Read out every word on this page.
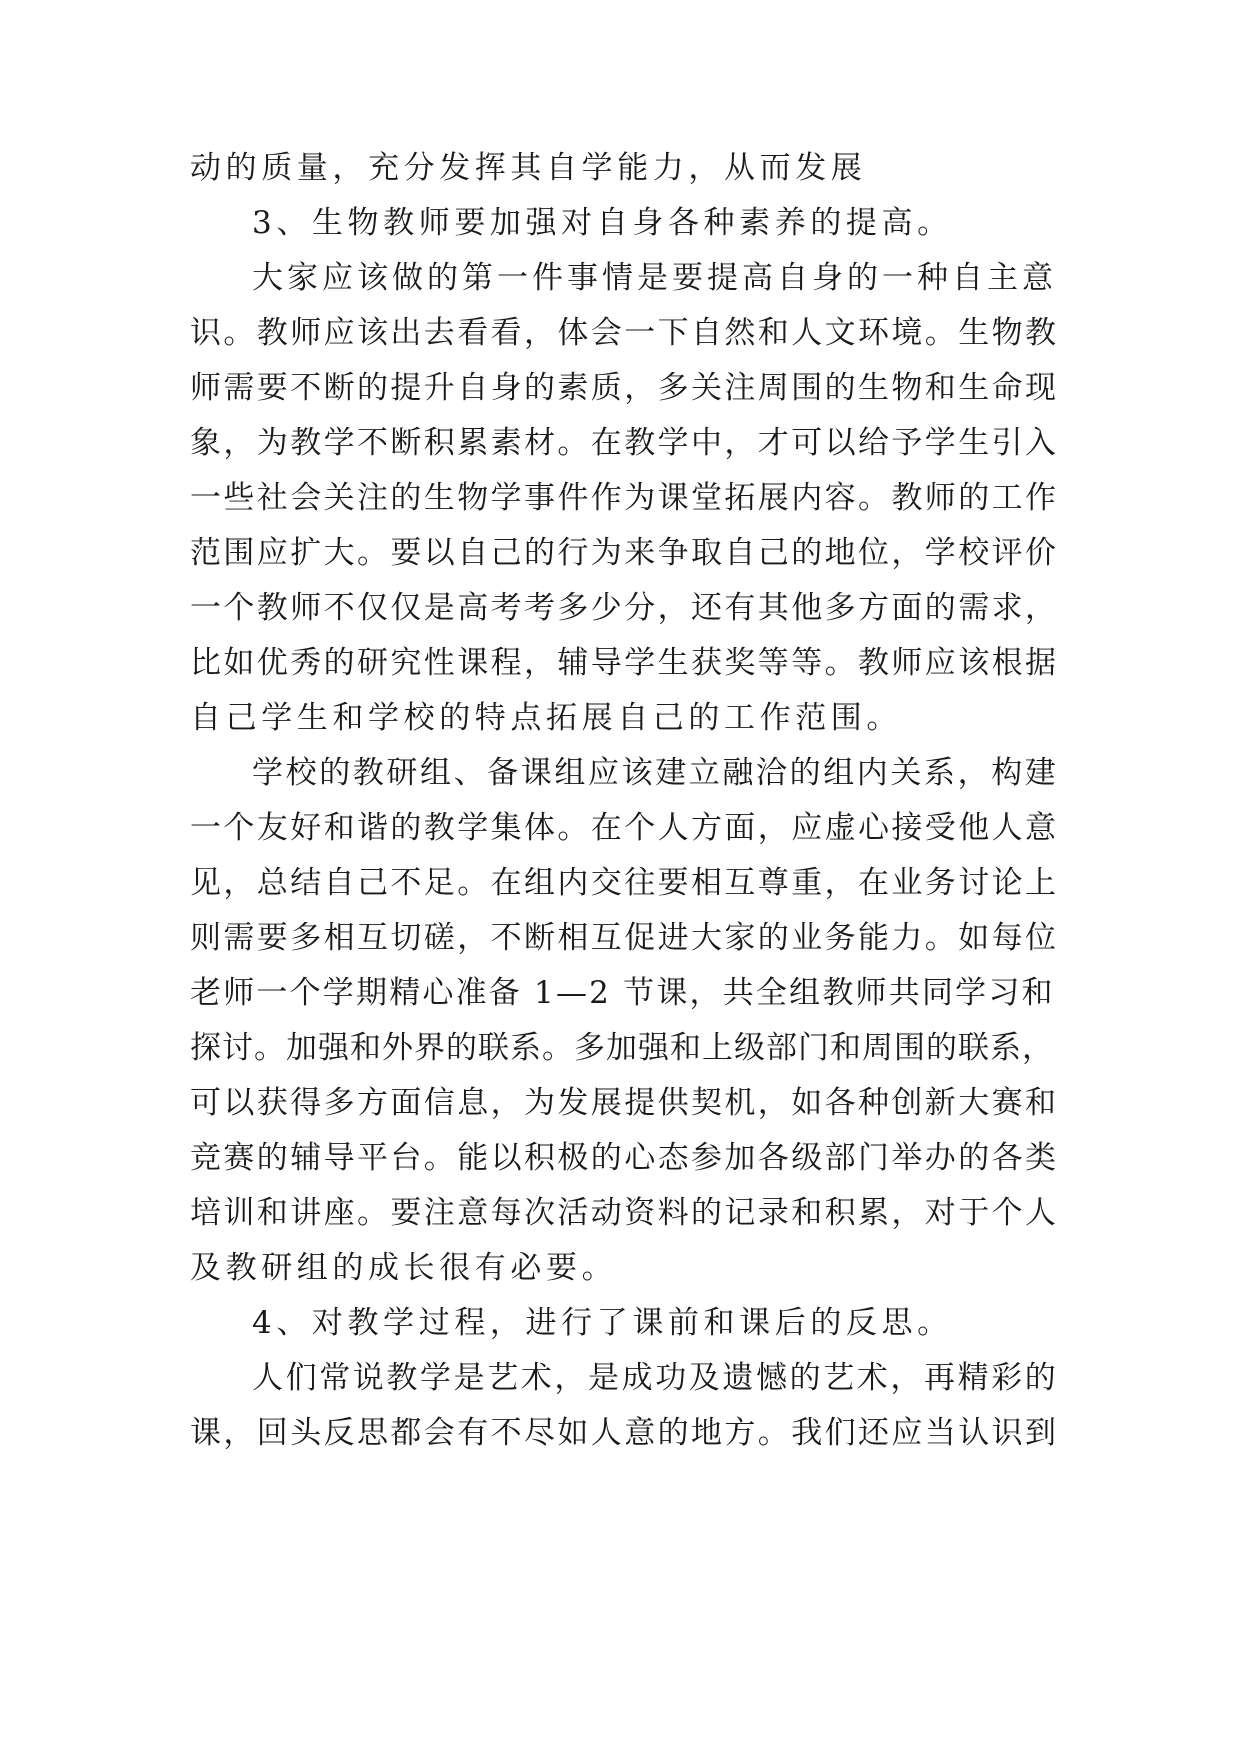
动的质量，充分发挥其自学能力，从而发展

3、生物教师要加强对自身各种素养的提高。

大家应该做的第一件事情是要提高自身的一种自主意

识。教师应该出去看看，体会一下自然和人文环境。生物教

师需要不断的提升自身的素质，多关注周围的生物和生命现

象，为教学不断积累素材。在教学中，才可以给予学生引入

一些社会关注的生物学事件作为课堂拓展内容。教师的工作

范围应扩大。要以自己的行为来争取自己的地位，学校评价

一个教师不仅仅是高考考多少分，还有其他多方面的需求，

比如优秀的研究性课程，辅导学生获奖等等。教师应该根据

自己学生和学校的特点拓展自己的工作范围。

学校的教研组、备课组应该建立融洽的组内关系，构建

一个友好和谐的教学集体。在个人方面，应虚心接受他人意

见，总结自己不足。在组内交往要相互尊重，在业务讨论上

则需要多相互切磋，不断相互促进大家的业务能力。如每位

老师一个学期精心准备 1—2 节课，共全组教师共同学习和

探讨。加强和外界的联系。多加强和上级部门和周围的联系，

可以获得多方面信息，为发展提供契机，如各种创新大赛和

竞赛的辅导平台。能以积极的心态参加各级部门举办的各类

培训和讲座。要注意每次活动资料的记录和积累，对于个人

及教研组的成长很有必要。

4、对教学过程，进行了课前和课后的反思。

人们常说教学是艺术，是成功及遗憾的艺术，再精彩的

课，回头反思都会有不尽如人意的地方。我们还应当认识到
